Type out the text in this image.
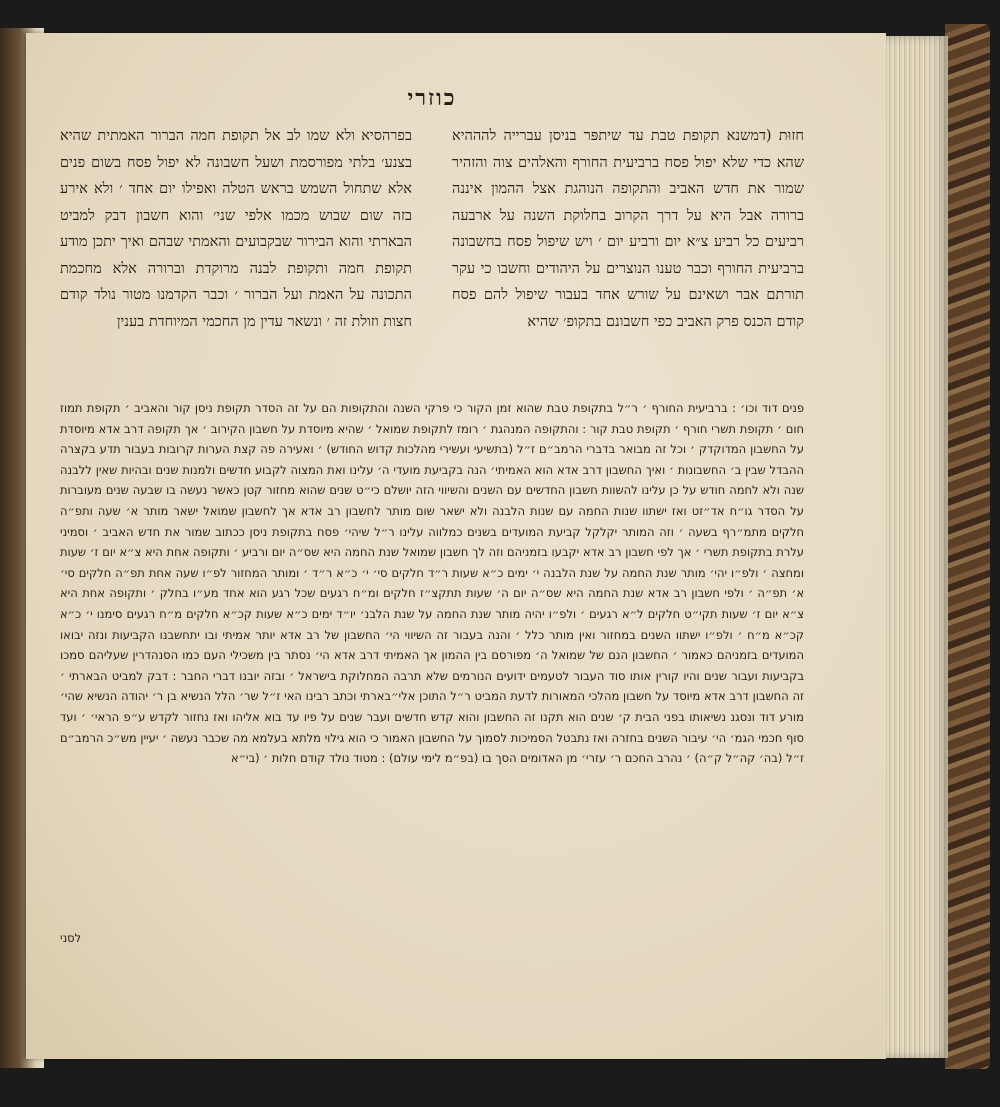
כוזרי

חזוּת (דמשנא תקופת טבת עד שיתפּר בניסן עברייה להההיא שהא כדי שלא יפול פסח ברביעית החורף והאלהים צוה והזהיר שמור את חדש האביב והתקופה הנוהגת אצל ההמון איננה ברורה אבל היא על דרך הקרוב בחלוקת השנה על ארבעה רביעים כל רביע צ״א יום ורביע יום ׳ ויש שיפול פסח בחשבונה ברביעית החורף וכבר טענו הנוצרים על היהודים וחשבו כי עקר תורתם אבר ושאינם על שורש אחד בעבור שיפול להם פסח קודם הכנס פרק האביב כפי חשבונם בתקופ׳ שהיא

בפרהסיא ולא שמו לב אל תקופת חמה הברור האמתית שהיא בצנע׳ בלתי מפורסמת ושעל חשבונה לא יפול פסח בשום פנים אלא שתחול השמש בראש הטלה ואפילו יום אחד ׳ ולא אירע בזה שום שבוש מכמו אלפי שני׳ והוא חשבון דבק למביט הבארתי והוא הבירור שבקבועים והאמתי שבהם ואיך יתכן מודע תקופת חמה ותקופת לבנה מרוקדת וברורה אלא מחכמת התכונה על האמת ועל הברור ׳ וכבר הקדמנו מטור נולד קודם חצות וזולת זה ׳ ונשאר עדין מן החכמי המיוחדת בענין

פנים דוד וכו׳ : ברביעית החורף ׳ ר״ל בתקופת טבת שהוא זמן הקור כי פרקי השנה והתקופות הם על זה הסדר תקופת ניסן קור והאביב ׳ תקופת תמוז חום ׳ תקופת תשרי חורף ׳ תקופת טבת קור : והתקופה המנהגת ׳ רומז לתקופת שמואל ׳ שהיא מיוסדת על חשבון הקירוב ׳ אך תקופה דרב אדא מיוסדת על החשבון המדוקדק ׳ וכל זה מבואר בדברי הרמב״ם ז״ל (בתשיעי ועשירי מהלכות קדוש החודש) ׳ ואעירה פה קצת הערות קרובות בעבור תדע בקצרה ההבדל שבין ב׳ החשבונות ׳ ואיך החשבון דרב אדא הוא האמיתי׳ הנה בקביעת מועדי ה׳ עלינו ואת המצוה לקבוע חדשים ולמנות שנים ובהיות שאין ללבנה שנה ולא לחמה חודש על כן עלינו להשוות חשבון החדשים עם השנים והשיווי הזה יושלם כי״ט שנים שהוא מחזור קטן כאשר נעשה בו שבעה שנים מעוברות על הסדר גו״ח אד״זט ואז ישתוו שנות החמה עם שנות הלבנה ולא ישאר שום מותר לחשבון רב אדא אך לחשבון שמואל ישאר מותר א׳ שעה ותפ״ה חלקים מתמ״רף בשעה ׳ וזה המותר יקלקל קביעת המועדים בשנים כמלווה עלינו ר״ל שיהי׳ פסח בתקופת ניסן ככתוב שמור את חדש האביב ׳ וסמיני עלרת בתקופת תשרי ׳ אך לפי חשבון רב אדא יקבעו בזמניהם וזה לך חשבון שמואל שנת החמה היא שס״ה יום ורביע ׳ ותקופה אחת היא צ״א יום ז׳ שעות ומחצה ׳ ולפ״ו יהי׳ מותר שנת החמה על שנת הלבנה י׳ ימים כ״א שעות ר״ד חלקים סי׳ י׳ כ״א ר״ד ׳ ומותר המחזור לפ״ו שעה אחת תפ״ה חלקים סי׳ א׳ תפ״ה ׳ ולפי חשבון רב אדא שנת החמה היא שס״ה יום ה׳ שעות תתקצ״ז חלקים ומ״ח רגעים שכל רגע הוא אחד מע״ו בחלק ׳ ותקופה אחת היא צ״א יום ז׳ שעות תקי״ט חלקים ל״א רגעים ׳ ולפ״ו יהיה מותר שנת החמה על שנת הלבנ׳ יו״ד ימים כ״א שעות קכ״א חלקים מ״ח רגעים סימנו י׳ כ״א קכ״א מ״ח ׳ ולפ״ו ישתוו השנים במחזור ואין מותר כלל ׳ והנה בעבור זה השיווי הי׳ החשבון של רב אדא יותר אמיתי ובו יתחשבנו הקביעות ונזה יבואו המועדים בזמניהם כאמור ׳ החשבון הנם של שמואל ה׳ מפורסם בין ההמון אך האמיתי דרב אדא הי׳ נסתר בין משכילי העם כמו הסנהדרין שעליהם סמכו בקביעות ועבור שנים והיו קורין אותו סוד העבור לטעמים ידועים הנורמים שלא תרבה המחלוקת בישראל ׳ ובזה יובנו דברי החבר : דבק למביט הבארתי ׳ זה החשבון דרב אדא מיוסד על חשבון מהלכי המאורות לדעת המביט ר״ל התוכן אלי״בארתי וכתב רבינו האי ז״ל שר׳ הלל הנשיא בן ר׳ יהודה הנשיא שהי׳ מורע דוד ונסגנ נשיאותו בפני הבית ק׳ שנים הוא תקנו זה החשבון והוא קדש חדשים ועבר שנים על פיו עד בוא אליהו ואז נחזור לקדש ע״פ הראי׳ ׳ ועד סוף חכמי הגמ׳ הי׳ עיבור השנים בחזרה ואז נתבטל הסמיכות לסמוך על החשבון האמור כי הוא גילוי מלתא בעלמא מה שכבר נעשה ׳ יעיין מש״כ הרמב״ם ז״ל (בה׳ קה״ל ק״ה) ׳ נהרב החכם ר׳ עזרי׳ מן האדומים הסך בו (בפ״מ לימי עולם) : מטוד נולד קודם חלות ׳ (בי״א

לסני
